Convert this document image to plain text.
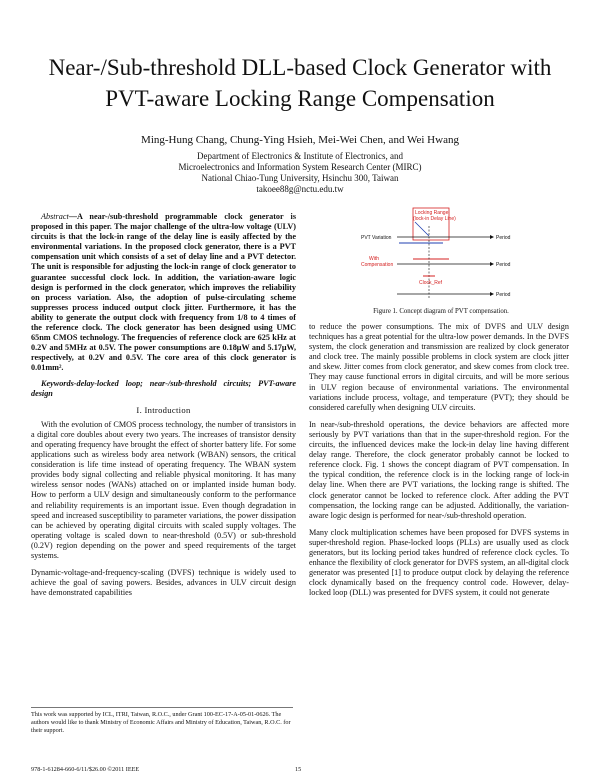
Near-/Sub-threshold DLL-based Clock Generator with PVT-aware Locking Range Compensation
Ming-Hung Chang, Chung-Ying Hsieh, Mei-Wei Chen, and Wei Hwang
Department of Electronics & Institute of Electronics, and
Microelectronics and Information System Research Center (MIRC)
National Chiao-Tung University, Hsinchu 300, Taiwan
takoee88g@nctu.edu.tw

Abstract—A near-/sub-threshold programmable clock generator is proposed in this paper. The major challenge of the ultra-low voltage (ULV) circuits is that the lock-in range of the delay line is easily affected by the environmental variations. In the proposed clock generator, there is a PVT compensation unit which consists of a set of delay line and a PVT detector. The unit is responsible for adjusting the lock-in range of clock generator to guarantee successful clock lock. In addition, the variation-aware logic design is performed in the clock generator, which improves the reliability on process variation. Also, the adoption of pulse-circulating scheme suppresses process induced output clock jitter. Furthermore, it has the ability to generate the output clock with frequency from 1/8 to 4 times of the reference clock. The clock generator has been designed using UMC 65nm CMOS technology. The frequencies of reference clock are 625 kHz at 0.2V and 5MHz at 0.5V. The power consumptions are 0.18μW and 5.17μW, respectively, at 0.2V and 0.5V. The core area of this clock generator is 0.01mm².

Keywords-delay-locked loop; near-/sub-threshold circuits; PVT-aware design

I. Introduction

With the evolution of CMOS process technology, the number of transistors in a digital core doubles about every two years. The increases of transistor density and operating frequency have brought the effect of shorter battery life. For some applications such as wireless body area network (WBAN) sensors, the critical consideration is life time instead of operating frequency. The WBAN system provides body signal collecting and reliable physical monitoring. It has many wireless sensor nodes (WANs) attached on or implanted inside human body. How to perform a ULV design and simultaneously conform to the performance and reliability requirements is an important issue. Even though degradation in speed and increased susceptibility to parameter variations, the power dissipation can be achieved by operating digital circuits with scaled supply voltages. The operating voltage is scaled down to near-threshold (0.5V) or sub-threshold (0.2V) region depending on the power and speed requirements of the target systems.

Dynamic-voltage-and-frequency-scaling (DVFS) technique is widely used to achieve the goal of saving powers. Besides, advances in ULV circuit design have demonstrated capabilities

Locking Range
(lock-in Delay Line)
Period
PVT Variation
With
Compensation	Period
Period
Clock_Ref
Figure 1. Concept diagram of PVT compensation.

to reduce the power consumptions. The mix of DVFS and ULV design techniques has a great potential for the ultra-low power demands. In the DVFS system, the clock generation and transmission are realized by clock generator and clock tree. The mainly possible problems in clock system are clock jitter and skew. Jitter comes from clock generator, and skew comes from clock tree. They may cause functional errors in digital circuits, and will be more serious in ULV region because of environmental variations. The environmental variations include process, voltage, and temperature (PVT); they should be considered carefully when designing ULV circuits.

In near-/sub-threshold operations, the device behaviors are affected more seriously by PVT variations than that in the super-threshold region. For the circuits, the influenced devices make the lock-in delay line having different delay range. Therefore, the clock generator probably cannot be locked to reference clock. Fig. 1 shows the concept diagram of PVT compensation. In the typical condition, the reference clock is in the locking range of lock-in delay line. When there are PVT variations, the locking range is shifted. The clock generator cannot be locked to reference clock. After adding the PVT compensation, the locking range can be adjusted. Additionally, the variation-aware logic design is performed for near-/sub-threshold operation.

Many clock multiplication schemes have been proposed for DVFS systems in super-threshold region. Phase-locked loops (PLLs) are usually used as clock generators, but its locking period takes hundred of reference clock cycles. To enhance the flexibility of clock generator for DVFS system, an all-digital clock generator was presented [1] to produce output clock by delaying the reference clock dynamically based on the frequency control code. However, delay-locked loop (DLL) was presented for DVFS system, it could not generate

This work was supported by ICL, ITRI, Taiwan, R.O.C., under Grant 100-EC-17-A-05-01-0626. The authors would like to thank Ministry of Economic Affairs and Ministry of Education, Taiwan, R.O.C. for their support.
978-1-61284-660-6/11/$26.00 ©2011 IEEE	15
